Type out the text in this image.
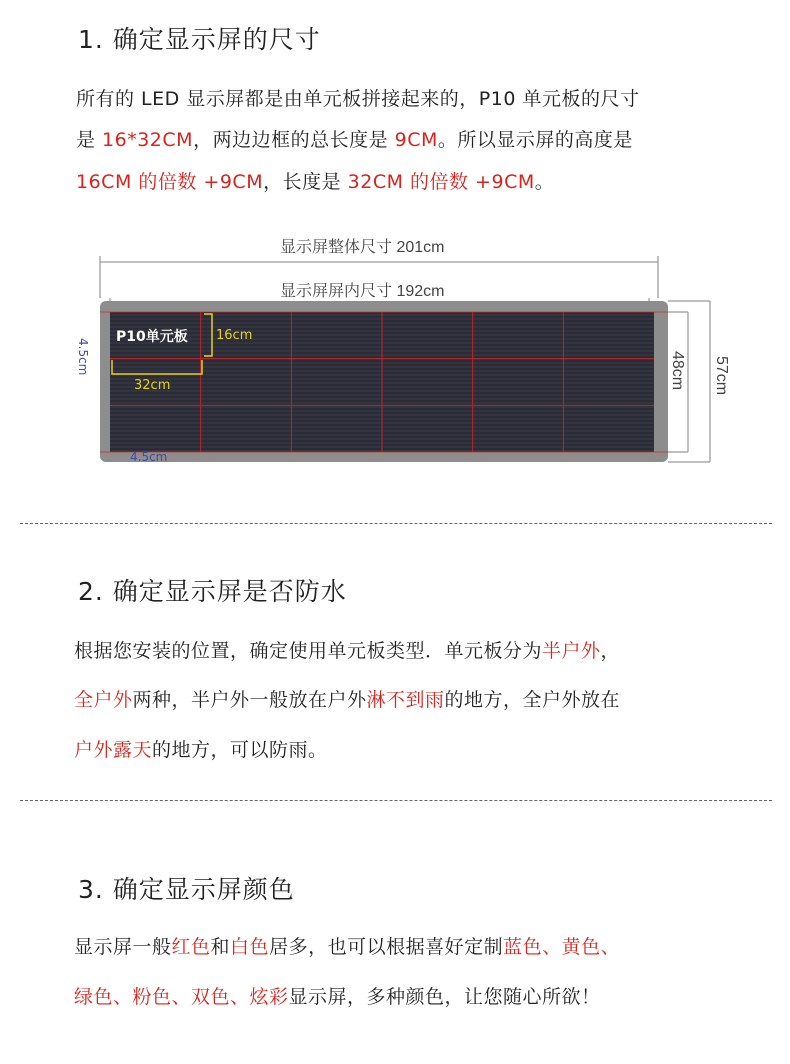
1. 确定显示屏的尺寸
所有的 LED 显示屏都是由单元板拼接起来的，P10 单元板的尺寸
是 16*32CM，两边边框的总长度是 9CM。所以显示屏的高度是
16CM 的倍数 +9CM，长度是 32CM 的倍数 +9CM。
显示屏整体尺寸 201cm
显示屏屏内尺寸 192cm
P10单元板 16cm
32cm
4.5cm
4.5cm
48cm 57cm
2. 确定显示屏是否防水
根据您安装的位置，确定使用单元板类型．单元板分为半户外，
全户外两种，半户外一般放在户外淋不到雨的地方，全户外放在
户外露天的地方，可以防雨。
3. 确定显示屏颜色
显示屏一般红色和白色居多，也可以根据喜好定制蓝色、黄色、
绿色、粉色、双色、炫彩显示屏，多种颜色，让您随心所欲！
